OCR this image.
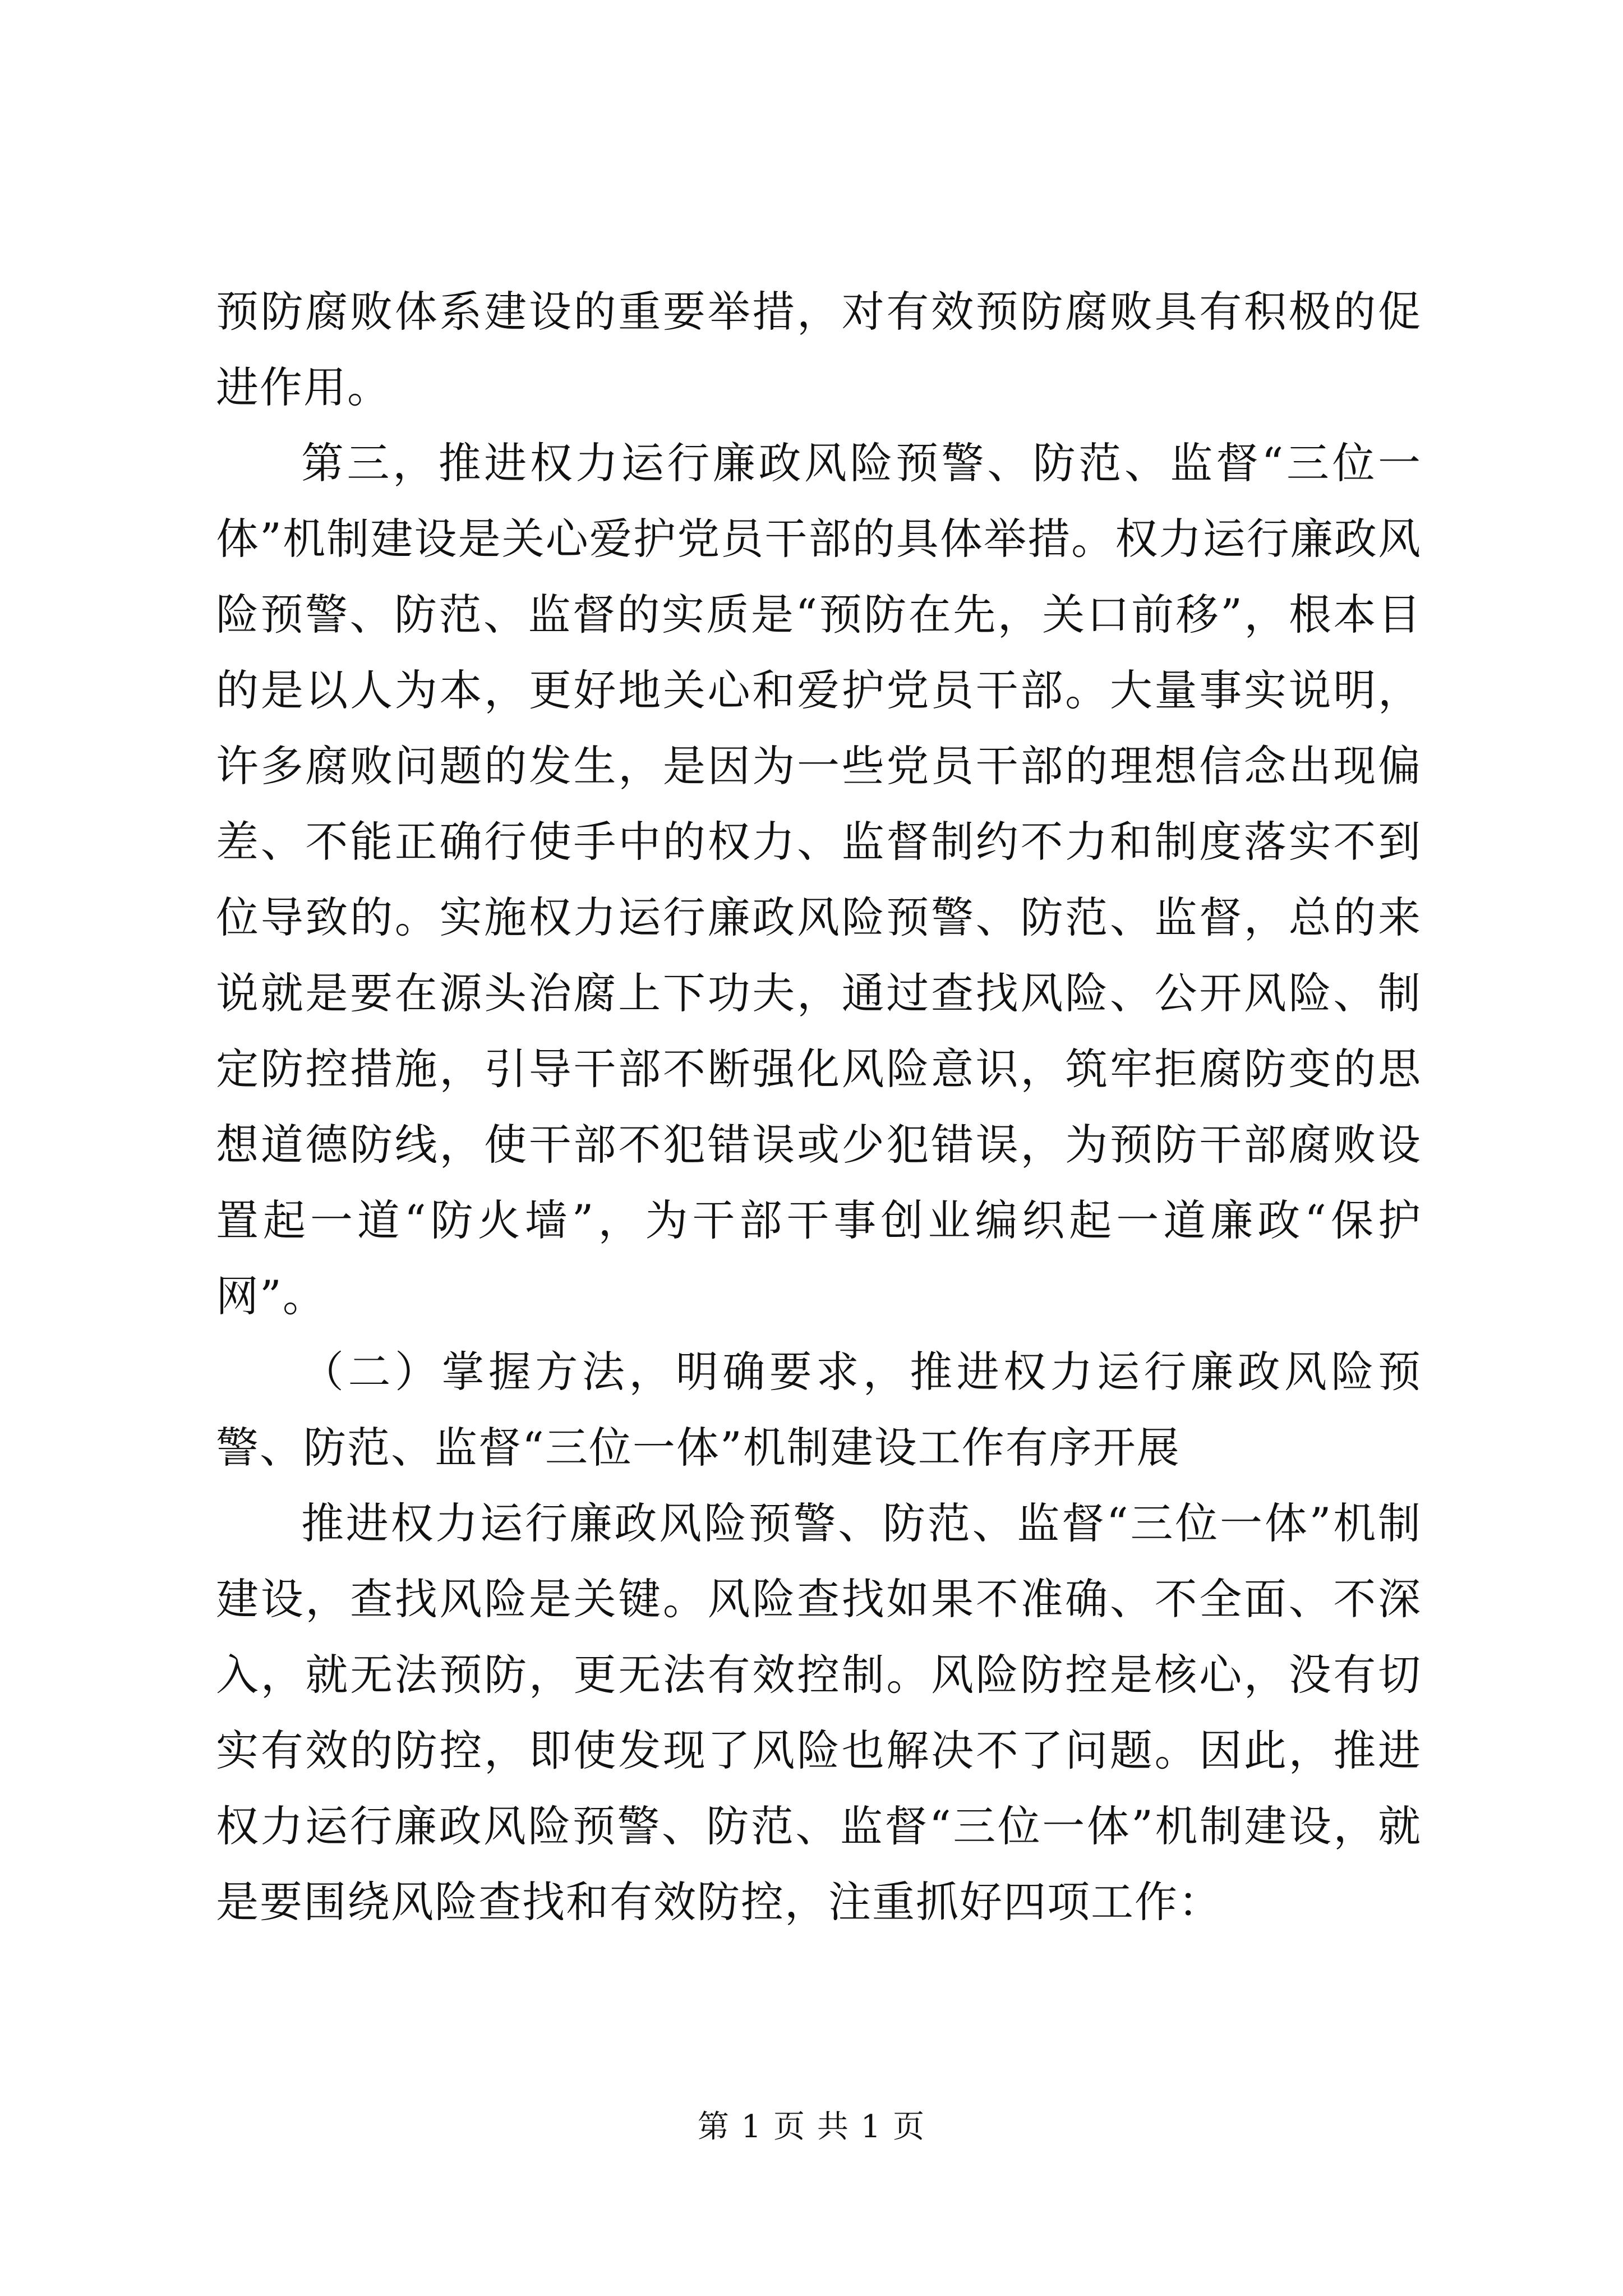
预防腐败体系建设的重要举措，对有效预防腐败具有积极的促进作用。

第三，推进权力运行廉政风险预警、防范、监督“三位一体”机制建设是关心爱护党员干部的具体举措。权力运行廉政风险预警、防范、监督的实质是“预防在先，关口前移”，根本目的是以人为本，更好地关心和爱护党员干部。大量事实说明，许多腐败问题的发生，是因为一些党员干部的理想信念出现偏差、不能正确行使手中的权力、监督制约不力和制度落实不到位导致的。实施权力运行廉政风险预警、防范、监督，总的来说就是要在源头治腐上下功夫，通过查找风险、公开风险、制定防控措施，引导干部不断强化风险意识，筑牢拒腐防变的思想道德防线，使干部不犯错误或少犯错误，为预防干部腐败设置起一道“防火墙”，为干部干事创业编织起一道廉政“保护网”。

（二）掌握方法，明确要求，推进权力运行廉政风险预警、防范、监督“三位一体”机制建设工作有序开展

推进权力运行廉政风险预警、防范、监督“三位一体”机制建设，查找风险是关键。风险查找如果不准确、不全面、不深入，就无法预防，更无法有效控制。风险防控是核心，没有切实有效的防控，即使发现了风险也解决不了问题。因此，推进权力运行廉政风险预警、防范、监督“三位一体”机制建设，就是要围绕风险查找和有效防控，注重抓好四项工作：

第 1 页 共 1 页
